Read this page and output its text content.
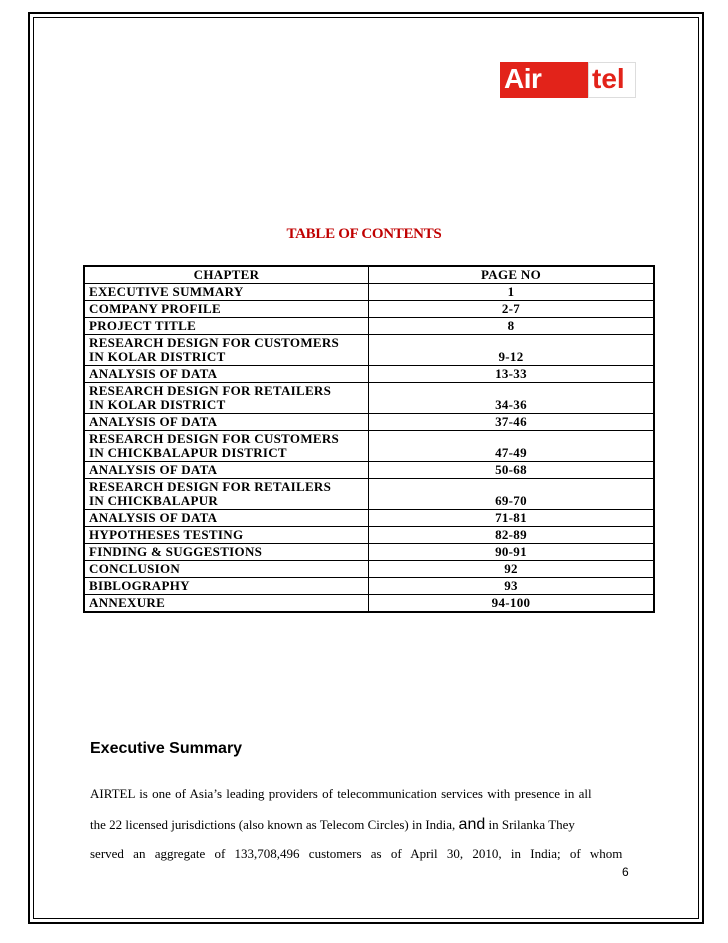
Air tel
TABLE OF CONTENTS
CHAPTER	PAGE NO

EXECUTIVE SUMMARY	1

COMPANY PROFILE	2-7

PROJECT TITLE	8

RESEARCH DESIGN FOR CUSTOMERS
IN KOLAR DISTRICT	9-12

ANALYSIS OF DATA	13-33

RESEARCH DESIGN FOR RETAILERS
IN KOLAR DISTRICT	34-36

ANALYSIS OF DATA	37-46

RESEARCH DESIGN FOR CUSTOMERS
IN CHICKBALAPUR DISTRICT	47-49

ANALYSIS OF DATA	50-68

RESEARCH DESIGN FOR RETAILERS
IN CHICKBALAPUR	69-70

ANALYSIS OF DATA	71-81

HYPOTHESES TESTING	82-89

FINDING & SUGGESTIONS	90-91

CONCLUSION	92

BIBLOGRAPHY	93

ANNEXURE	94-100
Executive Summary
AIRTEL is one of Asia’s leading providers of telecommunication services with presence in all
the 22 licensed jurisdictions (also known as Telecom Circles) in India, and in Srilanka They
served an aggregate of 133,708,496 customers as of April 30, 2010, in India; of whom
6
